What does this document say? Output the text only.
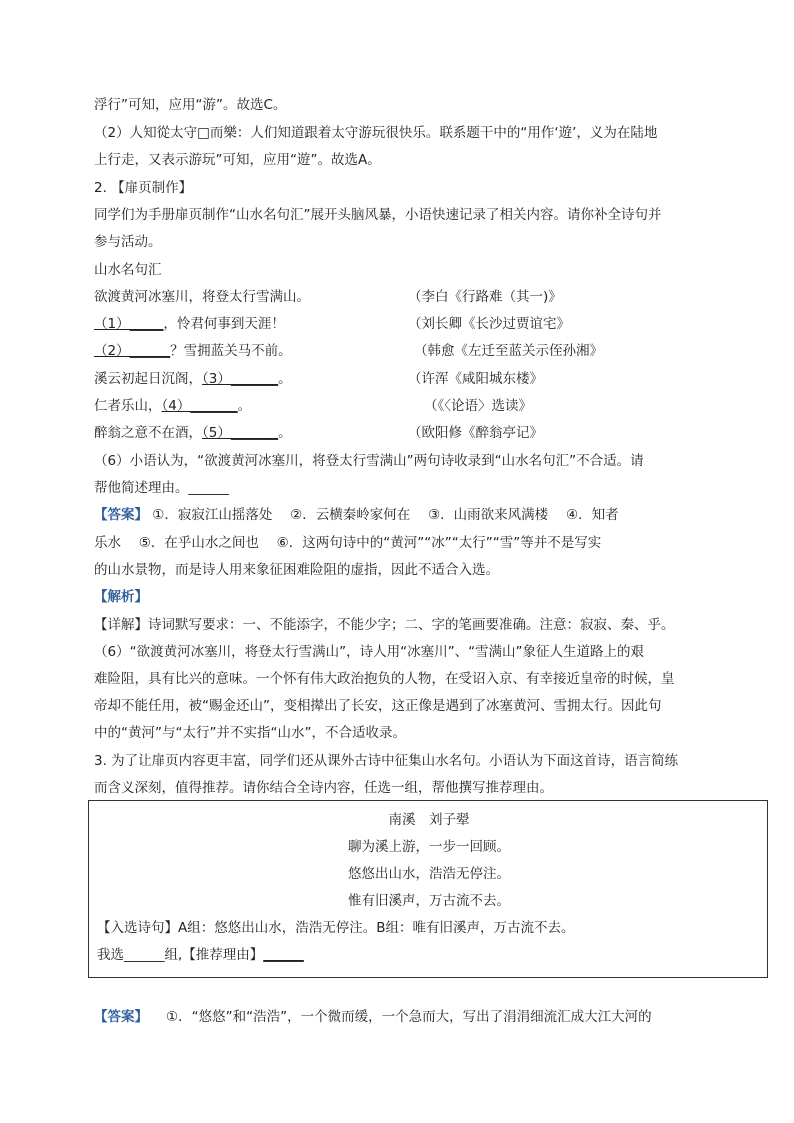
浮行”可知，应用“游”。故选C。
（2）人知從太守□而樂：人们知道跟着太守游玩很快乐。联系题干中的“用作‘遊’，义为在陆地
上行走，又表示游玩”可知，应用“遊”。故选A。
2. 【扉页制作】
同学们为手册扉页制作“山水名句汇”展开头脑风暴，小语快速记录了相关内容。请你补全诗句并
参与活动。
山水名句汇
欲渡黄河冰塞川，将登太行雪满山。	（李白《行路难（其一)》
（1）_____，怜君何事到天涯！	（刘长卿《长沙过贾谊宅》
（2）______？雪拥蓝关马不前。	（韩愈《左迁至蓝关示侄孙湘》
溪云初起日沉阁，（3）_______。	（许浑《咸阳城东楼》
仁者乐山，（4）_______。	（《〈论语〉选读》
醉翁之意不在酒，（5）_______。	（欧阳修《醉翁亭记》
（6）小语认为，“欲渡黄河冰塞川，将登太行雪满山”两句诗收录到“山水名句汇”不合适。请
帮他简述理由。______
【答案】 ①．寂寂江山摇落处　 ②．云横秦岭家何在　 ③．山雨欲来风满楼　 ④．知者
乐水　 ⑤．在乎山水之间也　 ⑥．这两句诗中的“黄河”“冰”“太行”“雪”等并不是写实
的山水景物，而是诗人用来象征困难险阻的虚指，因此不适合入选。
【解析】
【详解】诗词默写要求：一、不能添字，不能少字；二、字的笔画要准确。注意：寂寂、秦、乎。
（6）“欲渡黄河冰塞川，将登太行雪满山”，诗人用“冰塞川”、“雪满山”象征人生道路上的艰
难险阻，具有比兴的意味。一个怀有伟大政治抱负的人物，在受诏入京、有幸接近皇帝的时候，皇
帝却不能任用，被“赐金还山”，变相撵出了长安，这正像是遇到了冰塞黄河、雪拥太行。因此句
中的“黄河”与“太行”并不实指“山水”，不合适收录。
3. 为了让扉页内容更丰富，同学们还从课外古诗中征集山水名句。小语认为下面这首诗，语言简练
而含义深刻，值得推荐。请你结合全诗内容，任选一组，帮他撰写推荐理由。
南溪　刘子翚
聊为溪上游，一步一回顾。
悠悠出山水，浩浩无停注。
惟有旧溪声，万古流不去。
【入选诗句】A组：悠悠出山水，浩浩无停注。B组：唯有旧溪声，万古流不去。
我选______组,【推荐理由】______
【答案】 ①．“悠悠”和“浩浩”，一个微而缓，一个急而大，写出了涓涓细流汇成大江大河的
